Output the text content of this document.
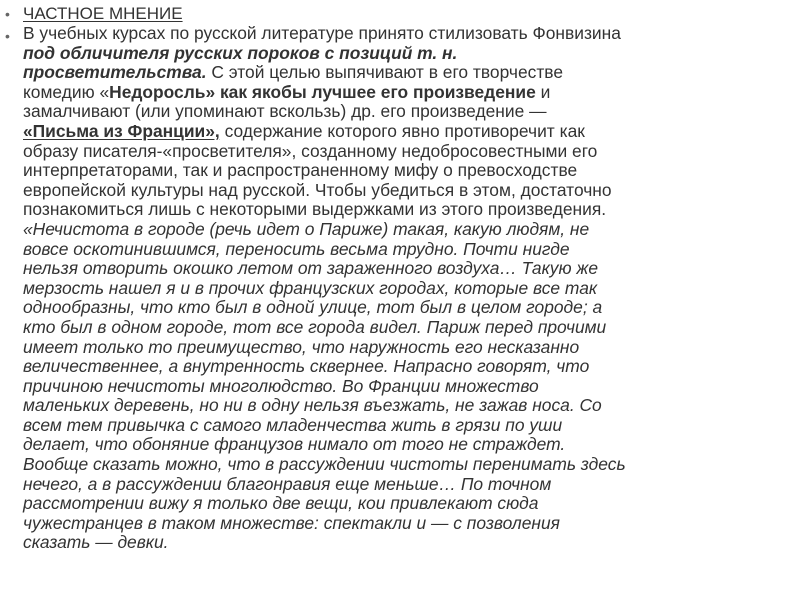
• ЧАСТНОЕ МНЕНИЕ
• В учебных курсах по русской литературе принято стилизовать Фонвизина
под обличителя русских пороков с позиций т. н.
просветительства. С этой целью выпячивают в его творчестве
комедию «Недоросль» как якобы лучшее его произведение и
замалчивают (или упоминают вскользь) др. его произведение —
«Письма из Франции», содержание которого явно противоречит как
образу писателя-«просветителя», созданному недобросовестными его
интерпретаторами, так и распространенному мифу о превосходстве
европейской культуры над русской. Чтобы убедиться в этом, достаточно
познакомиться лишь с некоторыми выдержками из этого произведения.
«Нечистота в городе (речь идет о Париже) такая, какую людям, не
вовсе оскотинившимся, переносить весьма трудно. Почти нигде
нельзя отворить окошко летом от зараженного воздуха… Такую же
мерзость нашел я и в прочих французских городах, которые все так
однообразны, что кто был в одной улице, тот был в целом городе; а
кто был в одном городе, тот все города видел. Париж перед прочими
имеет только то преимущество, что наружность его несказанно
величественнее, а внутренность сквернее. Напрасно говорят, что
причиною нечистоты многолюдство. Во Франции множество
маленьких деревень, но ни в одну нельзя въезжать, не зажав носа. Со
всем тем привычка с самого младенчества жить в грязи по уши
делает, что обоняние французов нимало от того не страждет.
Вообще сказать можно, что в рассуждении чистоты перенимать здесь
нечего, а в рассуждении благонравия еще меньше… По точном
рассмотрении вижу я только две вещи, кои привлекают сюда
чужестранцев в таком множестве: спектакли и — с позволения
сказать — девки.
